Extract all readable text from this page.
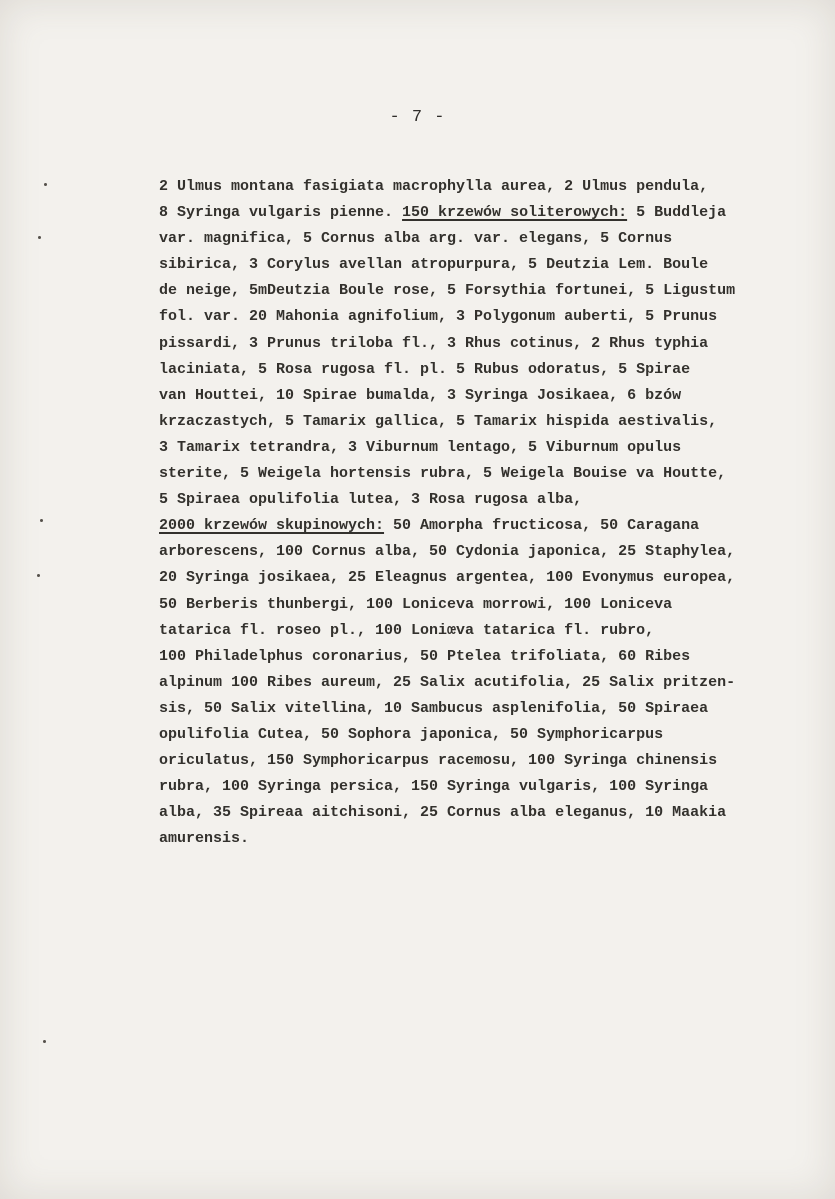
- 7 -
2 Ulmus montana fasigiata macrophylla aurea, 2 Ulmus pendula,
8 Syringa vulgaris pienne. 150 krzewów soliterowych: 5 Buddleja
var. magnifica, 5 Cornus alba arg. var. elegans, 5 Cornus
sibirica, 3 Corylus avellan atropurpura, 5 Deutzia Lem. Boule
de neige, 5mDeutzia Boule rose, 5 Forsythia fortunei, 5 Ligustum
fol. var. 20 Mahonia agnifolium, 3 Polygonum auberti, 5 Prunus
pissardi, 3 Prunus triloba fl., 3 Rhus cotinus, 2 Rhus typhia
laciniata, 5 Rosa rugosa fl. pl. 5 Rubus odoratus, 5 Spirae
van Houttei, 10 Spirae bumalda, 3 Syringa Josikaea, 6 bzów
krzaczastych, 5 Tamarix gallica, 5 Tamarix hispida aestivalis,
3 Tamarix tetrandra, 3 Viburnum lentago, 5 Viburnum opulus
sterite, 5 Weigela hortensis rubra, 5 Weigela Bouise va Houtte,
5 Spiraea opulifolia lutea, 3 Rosa rugosa alba,
2000 krzewów skupinowych: 50 Amorpha fructicosa, 50 Caragana
arborescens, 100 Cornus alba, 50 Cydonia japonica, 25 Staphylea,
20 Syringa josikaea, 25 Eleagnus argentea, 100 Evonymus europea,
50 Berberis thunbergi, 100 Loniceva morrowi, 100 Loniceva
tatarica fl. roseo pl., 100 Loniœva tatarica fl. rubro,
100 Philadelphus coronarius, 50 Ptelea trifoliata, 60 Ribes
alpinum 100 Ribes aureum, 25 Salix acutifolia, 25 Salix pritzen-
sis, 50 Salix vitellina, 10 Sambucus asplenifolia, 50 Spiraea
opulifolia Cutea, 50 Sophora japonica, 50 Symphoricarpus
oriculatus, 150 Symphoricarpus racemosu, 100 Syringa chinensis
rubra, 100 Syringa persica, 150 Syringa vulgaris, 100 Syringa
alba, 35 Spireaa aitchisoni, 25 Cornus alba eleganus, 10 Maakia
amurensis.
